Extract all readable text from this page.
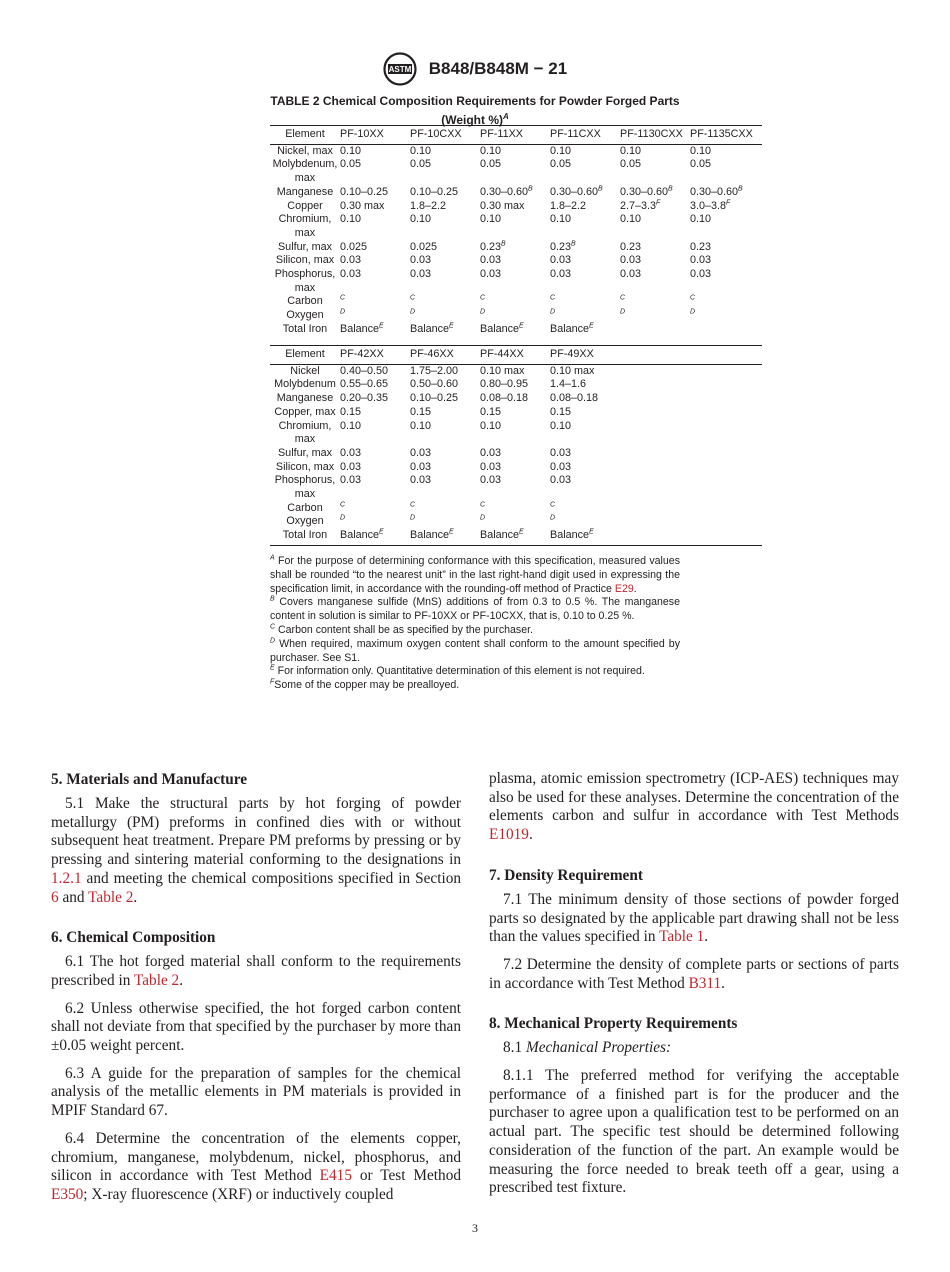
ASTM B848/B848M − 21
TABLE 2 Chemical Composition Requirements for Powder Forged Parts (Weight %)$^A$
Element	PF-10XX	PF-10CXX	PF-11XX	PF-11CXX	PF-1130CXX	PF-1135CXX
Nickel, max	0.10	0.10	0.10	0.10	0.10	0.10
Molybdenum, max	0.05	0.05	0.05	0.05	0.05	0.05
Manganese	0.10–0.25	0.10–0.25	$0.30-0.60^B$	$0.30-0.60^B$	$0.30-0.60^B$	$0.30-0.60^B$
Copper	0.30 max	1.8–2.2	0.30 max	1.8–2.2	$2.7-3.3^F$	$3.0-3.8^F$
Chromium, max	0.10	0.10	0.10	0.10	0.10	0.10
Sulfur, max	0.025	0.025	$0.23^B$	$0.23^B$	0.23	0.23
Silicon, max	0.03	0.03	0.03	0.03	0.03	0.03
Phosphorus, max	0.03	0.03	0.03	0.03	0.03	0.03
Carbon	$^C$	$^C$	$^C$	$^C$	$^C$	$^C$
Oxygen	$^D$	$^D$	$^D$	$^D$	$^D$	$^D$
Total Iron	Balance$^E$	Balance$^E$	Balance$^E$	Balance$^E$		
Element	PF-42XX	PF-46XX	PF-44XX	PF-49XX		
Nickel	0.40–0.50	1.75–2.00	0.10 max	0.10 max		
Molybdenum	0.55–0.65	0.50–0.60	0.80–0.95	1.4–1.6		
Manganese	0.20–0.35	0.10–0.25	0.08–0.18	0.08–0.18		
Copper, max	0.15	0.15	0.15	0.15		
Chromium, max	0.10	0.10	0.10	0.10		
Sulfur, max	0.03	0.03	0.03	0.03		
Silicon, max	0.03	0.03	0.03	0.03		
Phosphorus, max	0.03	0.03	0.03	0.03		
Carbon	$^C$	$^C$	$^C$	$^C$		
Oxygen	$^D$	$^D$	$^D$	$^D$		
Total Iron	Balance$^E$	Balance$^E$	Balance$^E$	Balance$^E$		

$^A$ For the purpose of determining conformance with this specification, measured values shall be rounded “to the nearest unit” in the last right-hand digit used in expressing the specification limit, in accordance with the rounding-off method of Practice E29.

$^B$ Covers manganese sulfide (MnS) additions of from 0.3 to 0.5 %. The manganese content in solution is similar to PF-10XX or PF-10CXX, that is, 0.10 to 0.25 %.

$^C$ Carbon content shall be as specified by the purchaser.

$^D$ When required, maximum oxygen content shall conform to the amount specified by purchaser. See S1.

$^E$ For information only. Quantitative determination of this element is not required.

$^F$Some of the copper may be prealloyed.

5. Materials and Manufacture

5.1 Make the structural parts by hot forging of powder metallurgy (PM) preforms in confined dies with or without subsequent heat treatment. Prepare PM preforms by pressing or by pressing and sintering material conforming to the designations in 1.2.1 and meeting the chemical compositions specified in Section 6 and Table 2.

6. Chemical Composition

6.1 The hot forged material shall conform to the requirements prescribed in Table 2.

6.2 Unless otherwise specified, the hot forged carbon content shall not deviate from that specified by the purchaser by more than ±0.05 weight percent.

6.3 A guide for the preparation of samples for the chemical analysis of the metallic elements in PM materials is provided in MPIF Standard 67.

6.4 Determine the concentration of the elements copper, chromium, manganese, molybdenum, nickel, phosphorus, and silicon in accordance with Test Method E415 or Test Method E350; X-ray fluorescence (XRF) or inductively coupled

plasma, atomic emission spectrometry (ICP-AES) techniques may also be used for these analyses. Determine the concentration of the elements carbon and sulfur in accordance with Test Methods E1019.

7. Density Requirement

7.1 The minimum density of those sections of powder forged parts so designated by the applicable part drawing shall not be less than the values specified in Table 1.

7.2 Determine the density of complete parts or sections of parts in accordance with Test Method B311.

8. Mechanical Property Requirements

8.1 Mechanical Properties:

8.1.1 The preferred method for verifying the acceptable performance of a finished part is for the producer and the purchaser to agree upon a qualification test to be performed on an actual part. The specific test should be determined following consideration of the function of the part. An example would be measuring the force needed to break teeth off a gear, using a prescribed test fixture.

3
